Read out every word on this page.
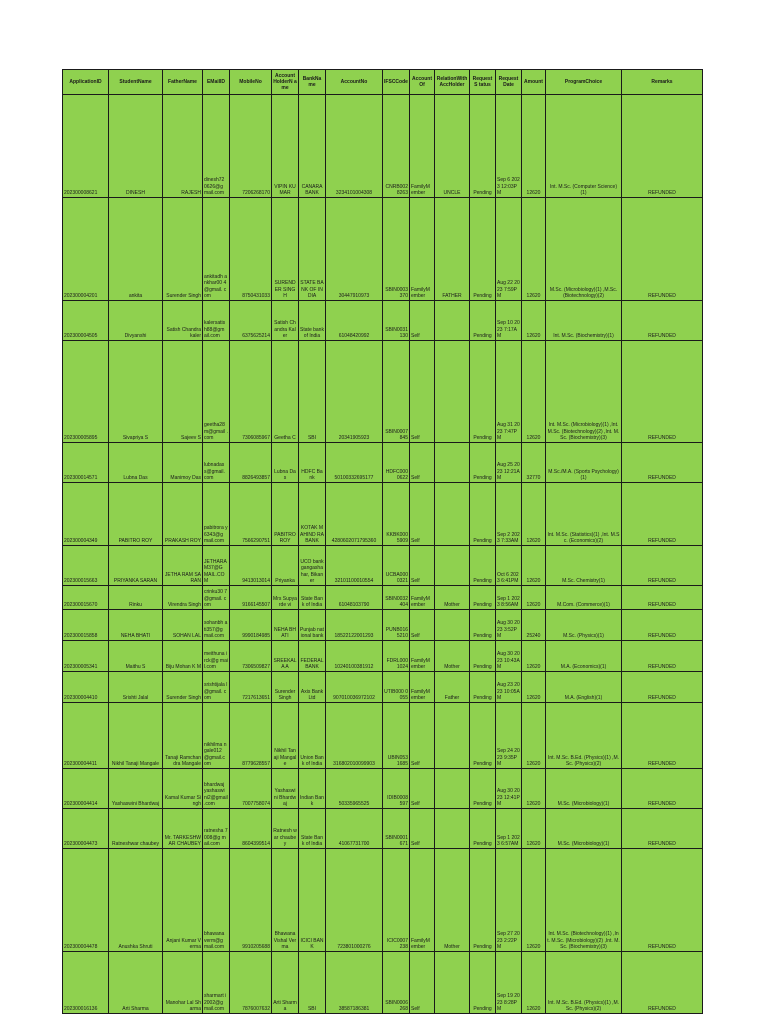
ApplicationID	StudentName	FatherName	EMailID	MobileNo	Account HolderN ame	BankNa me	AccountNo	IFSCCode	Account Of	RelationWith AccHolder	RequestS tatus	Request Date	Amount	ProgramChoice	Remarks
202300008621	DINESH	RAJESH	dinesh72 0626@g mail.com	7206268170	VIPIN KUMAR	CANARA BANK	3234101004308	CNRB002 8263	FamilyM ember	UNCLE	Pending	Sep 6 2023 12:03PM	12620	Int. M.Sc. (Computer Science)(1)	REFUNDED
202300004201	ankita	Surender Singh	ankitadh ankhar00 4@gmail. com	8750431033	SUREND ER SINGH	STATE BANK OF INDIA	30447910973	SBIN0003 370	FamilyM ember	FATHER	Pending	Aug 22 2023 7:59PM	12620	M.Sc. (Microbiology)(1) ,M.Sc. (Biotechnology)(2)	REFUNDED
202300004505	Divyanshi	Satish Chandra kaler	kalersatis h88@gm ail.com	6375625214	Satish Chandra Kaler	State bank of India	61048420992	SBIN0031 130	Self		Pending	Sep 10 2023 7:17AM	12620	Int. M.Sc. (Biochemistry)(1)	REFUNDED
202300005895	Sivapriya S	Sajeev S	geetha28 m@gmail .com	7306085967	Geetha C	SBI	20341905923	SBIN0007 845	Self		Pending	Aug 31 2023 7:47PM	12620	Int. M.Sc. (Microbiology)(1) ,Int. M.Sc. (Biotechnology)(2) ,Int. M.Sc. (Biochemistry)(3)	REFUNDED
202300014571	Lubna Das	Manimoy Das	lubnadas s@gmail. com	8826493857	Lubna Das	HDFC Bank	50100332695177	HDFC000 0622	Self		Pending	Aug 25 2023 12:21AM	32770	M.Sc./M.A. (Sports Psychology)(1)	REFUNDED
202300004349	PABITRO ROY	PRAKASH ROY	pabitrora y6343@g mail.com	7566290751	PABITRO ROY	KOTAK MAHIND RA BANK	4280602071795360	KKBK000 5909	Self		Pending	Sep 2 2023 7:33AM	12620	Int. M.Sc. (Statistics)(1) ,Int. M.Sc. (Economics)(2)	REFUNDED
202300015663	PRIYANKA SARAN	JETHA RAM SARAN	JETHARA M37@G MAIL.CO M	9413013014	Priyanka	UCO bank gangasha har, Bikaner	32101100010554	UCBA000 0321	Self		Pending	Oct 6 2023 6:41PM	12620	M.Sc. Chemistry(1)	REFUNDED
202300015670	Rinku	Virendra Singh	crinku30 7@gmail. com	9166145507	Mrs Supyarde vi	State Bank of India	61048103790	SBIN0032 404	FamilyM ember	Mother	Pending	Sep 1 2023 8:56AM	12620	M.Com. (Commerce)(1)	REFUNDED
202300015858	NEHA BHATI	SOHAN LAL	sohanbh ati357@g mail.com	9990184985	NEHA BHATI	Punjab national bank	18522122001293	PUNB016 5210	Self		Pending	Aug 30 2023 3:52PM	25240	M.Sc. (Physics)(1)	REFUNDED
202300005341	Maithu S	Biju Mohan K M	meithuna irck@g mail.com	7306509827	SREEKAL A A	FEDERAL BANK	10240100381912	FDRL000 1024	FamilyM ember	Mother	Pending	Aug 30 2023 10:43AM	12620	M.A. (Economics)(1)	REFUNDED
202300004410	Srishti Jalal	Surender Singh	srishtijala l@gmail. com	7217613651	Surender Singh	Axis Bank Ltd	907010036972102	UTIB000 0055	FamilyM ember	Father	Pending	Aug 23 2023 10:05AM	12620	M.A. (English)(1)	REFUNDED
202300004411	Nikhil Tanaji Mangale	Tanaji Ramchandra Mangale	nikhilma ngale012 @gmail.c om	8779628557	Nikhil Tanaji Mangale	Union Bank of India	316802010099903	UBIN053 1685	Self		Pending	Sep 24 2023 9:35PM	12620	Int. M.Sc. B.Ed. (Physics)(1) ,M.Sc. (Physics)(2)	REFUNDED
202300004414	Yashaswini Bhardwaj	Kamal Kumar Singh	bhardwaj yashaswi ni2@gmail .com	7007758074	Yashaswi ni Bhardwaj	Indian Bank	50335965525	IDIB0008 597	Self		Pending	Aug 30 2023 12:41PM	12620	M.Sc. (Microbiology)(1)	REFUNDED
202300004473	Ratneshwar chaubey	Mr. TARKESHWAR CHAUBEY	ratnesha 7008@g mail.com	8604399514	Ratnesh war chaubey	State Bank of India	41067731700	SBIN0001 671	Self		Pending	Sep 1 2023 6:57AM	12620	M.Sc. (Microbiology)(1)	REFUNDED
202300004478	Anushka Shruti	Anjani Kumar Verma	bhawana verm@g mail.com	9910205688	Bhawana Vishal Verma	ICICI BANK	723801000276	ICIC0007 238	FamilyM ember	Mother	Pending	Sep 27 2023 2:22PM	12620	Int. M.Sc. (Biotechnology)(1) ,Int. M.Sc. (Microbiology)(2) ,Int. M.Sc. (Biochemistry)(3)	REFUNDED
202300016136	Arti Sharma	Manohar Lal Sharma	sharmart i2002@g mail.com	7876007632	Arti Sharma	SBI	38587186381	SBIN0006 268	Self		Pending	Sep 19 2023 8:28PM	12620	Int. M.Sc. B.Ed. (Physics)(1) ,M.Sc. (Physics)(2)	REFUNDED
